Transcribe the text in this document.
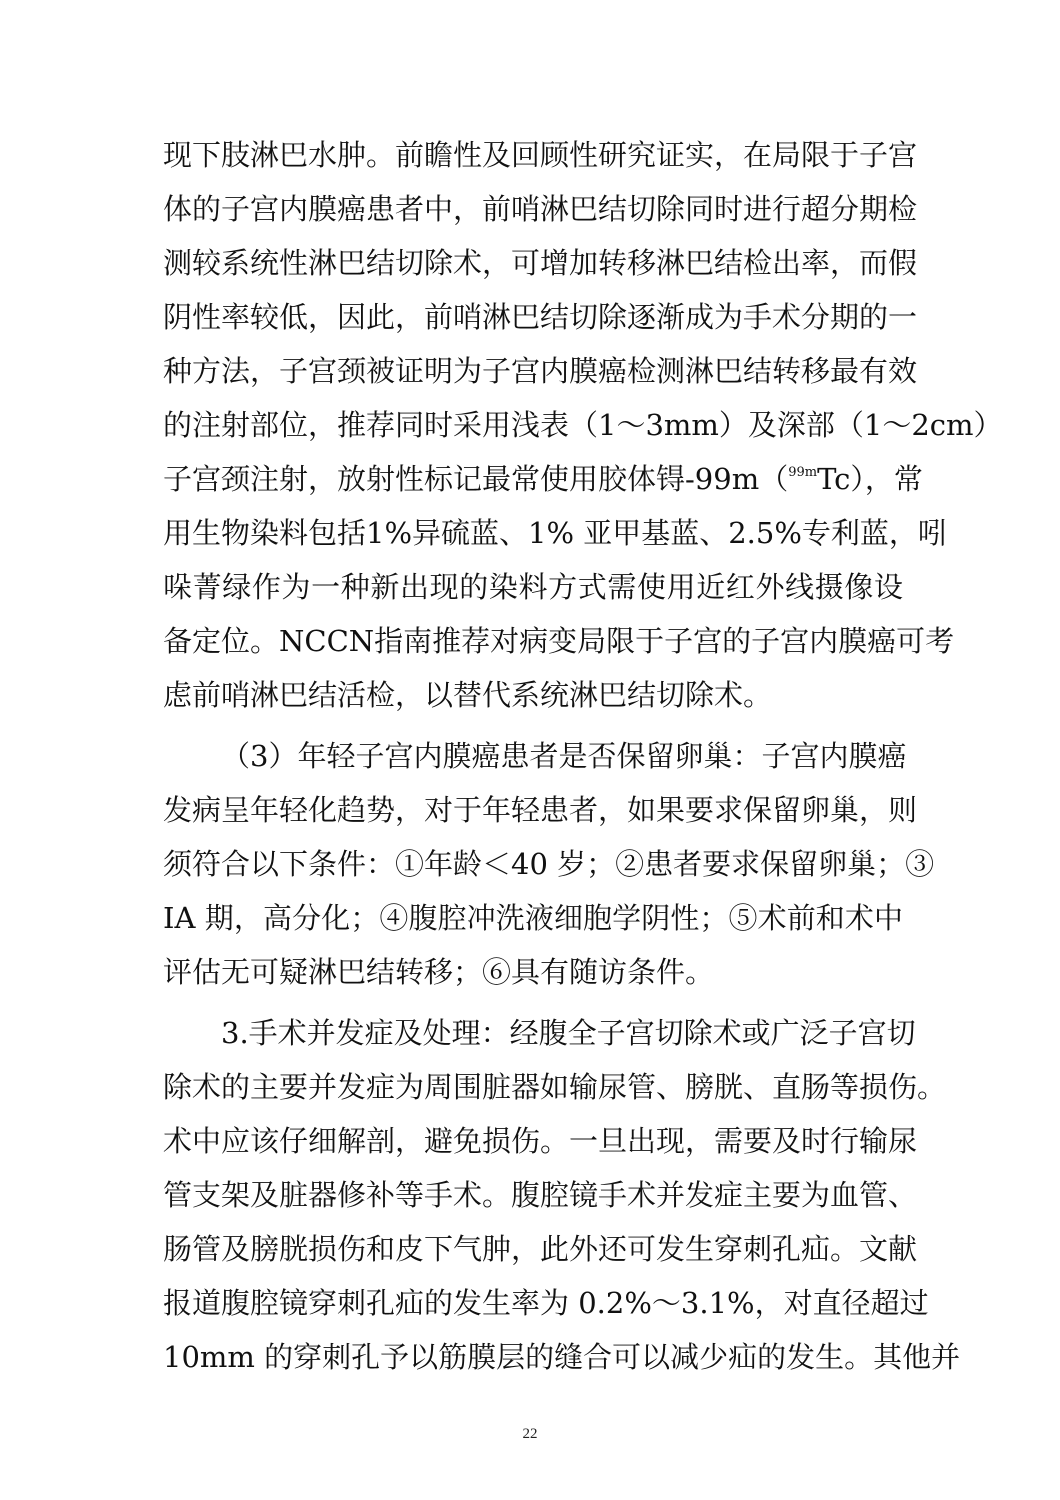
现下肢淋巴水肿。前瞻性及回顾性研究证实，在局限于子宫
体的子宫内膜癌患者中，前哨淋巴结切除同时进行超分期检
测较系统性淋巴结切除术，可增加转移淋巴结检出率，而假
阴性率较低，因此，前哨淋巴结切除逐渐成为手术分期的一
种方法，子宫颈被证明为子宫内膜癌检测淋巴结转移最有效
的注射部位，推荐同时采用浅表（1～3mm）及深部（1～2cm）
子宫颈注射，放射性标记最常使用胶体锝-99m（$^{99m}$Tc），常
用生物染料包括1%异硫蓝、1% 亚甲基蓝、2.5%专利蓝，吲
哚菁绿作为一种新出现的染料方式需使用近红外线摄像设
备定位。NCCN指南推荐对病变局限于子宫的子宫内膜癌可考
虑前哨淋巴结活检，以替代系统淋巴结切除术。
（3）年轻子宫内膜癌患者是否保留卵巢：子宫内膜癌
发病呈年轻化趋势，对于年轻患者，如果要求保留卵巢，则
须符合以下条件：①年龄＜40 岁；②患者要求保留卵巢；③
ⅠA 期，高分化；④腹腔冲洗液细胞学阴性；⑤术前和术中
评估无可疑淋巴结转移；⑥具有随访条件。
3.手术并发症及处理：经腹全子宫切除术或广泛子宫切
除术的主要并发症为周围脏器如输尿管、膀胱、直肠等损伤。
术中应该仔细解剖，避免损伤。一旦出现，需要及时行输尿
管支架及脏器修补等手术。腹腔镜手术并发症主要为血管、
肠管及膀胱损伤和皮下气肿，此外还可发生穿刺孔疝。文献
报道腹腔镜穿刺孔疝的发生率为 0.2%～3.1%，对直径超过
10mm 的穿刺孔予以筋膜层的缝合可以减少疝的发生。其他并
22
